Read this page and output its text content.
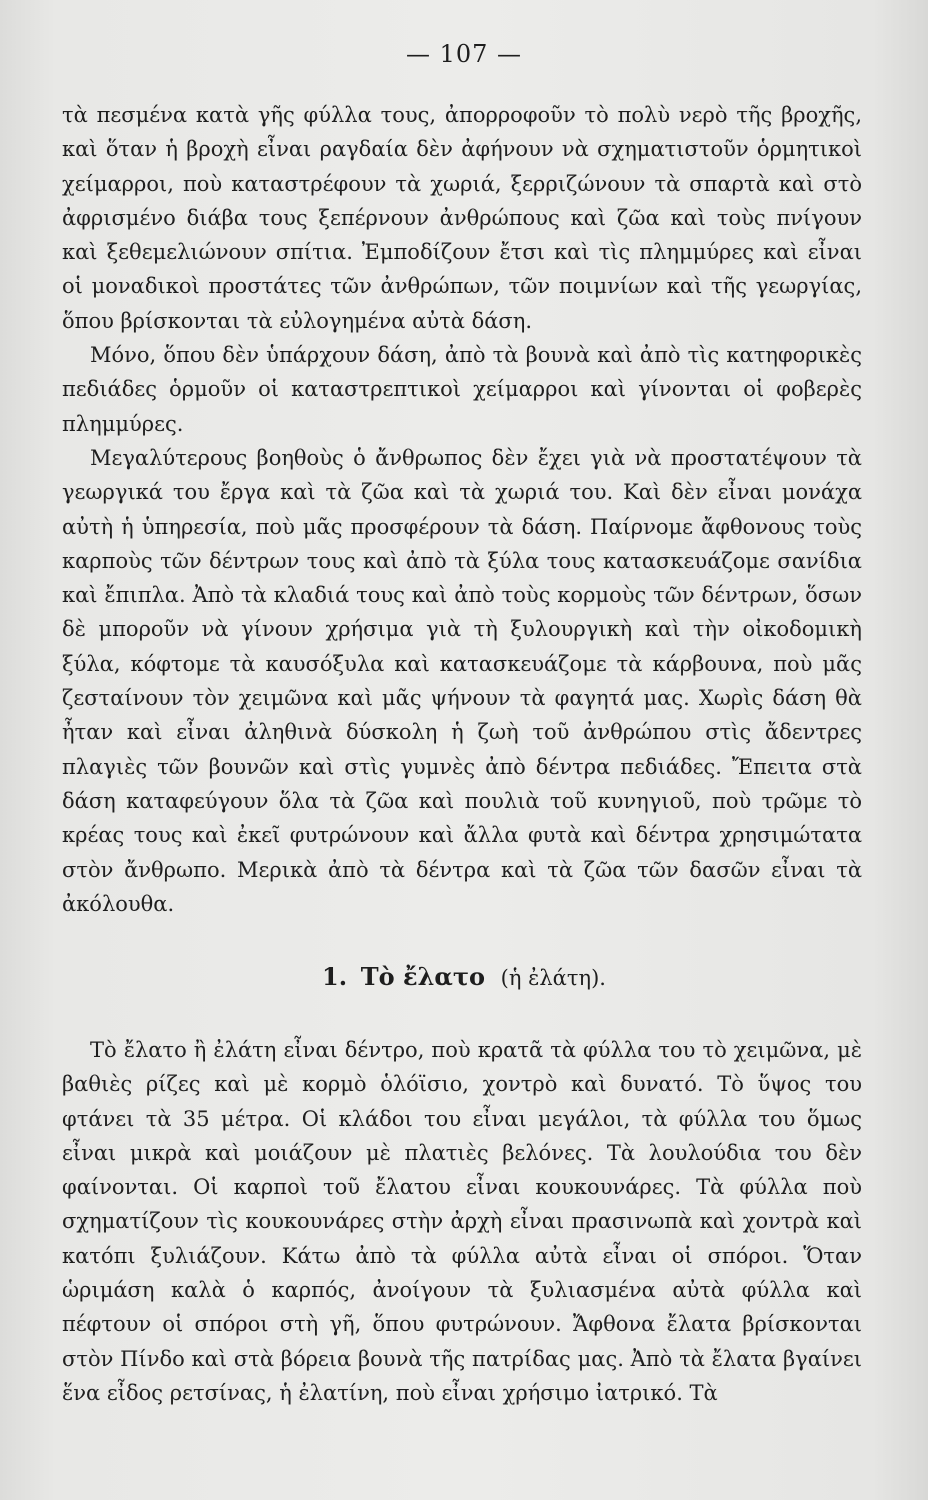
— 107 —

τὰ πεσμένα κατὰ γῆς φύλλα τους, ἀπορροφοῦν τὸ πολὺ νερὸ τῆς βροχῆς, καὶ ὅταν ἡ βροχὴ εἶναι ραγδαία δὲν ἀφήνουν νὰ σχηματιστοῦν ὁρμητικοὶ χείμαρροι, ποὺ καταστρέφουν τὰ χωριά, ξερριζώνουν τὰ σπαρτὰ καὶ στὸ ἀφρισμένο διάβα τους ξεπέρνουν ἀνθρώπους καὶ ζῶα καὶ τοὺς πνίγουν καὶ ξεθεμελιώνουν σπίτια. Ἐμποδίζουν ἔτσι καὶ τὶς πλημμύρες καὶ εἶναι οἱ μοναδικοὶ προστάτες τῶν ἀνθρώπων, τῶν ποιμνίων καὶ τῆς γεωργίας, ὅπου βρίσκονται τὰ εὐλογημένα αὐτὰ δάση.

Μόνο, ὅπου δὲν ὑπάρχουν δάση, ἀπὸ τὰ βουνὰ καὶ ἀπὸ τὶς κατηφορικὲς πεδιάδες ὁρμοῦν οἱ καταστρεπτικοὶ χείμαρροι καὶ γίνονται οἱ φοβερὲς πλημμύρες.

Μεγαλύτερους βοηθοὺς ὁ ἄνθρωπος δὲν ἔχει γιὰ νὰ προστατέψουν τὰ γεωργικά του ἔργα καὶ τὰ ζῶα καὶ τὰ χωριά του. Καὶ δὲν εἶναι μονάχα αὐτὴ ἡ ὑπηρεσία, ποὺ μᾶς προσφέρουν τὰ δάση. Παίρνομε ἄφθονους τοὺς καρποὺς τῶν δέντρων τους καὶ ἀπὸ τὰ ξύλα τους κατασκευάζομε σανίδια καὶ ἔπιπλα. Ἀπὸ τὰ κλαδιά τους καὶ ἀπὸ τοὺς κορμοὺς τῶν δέντρων, ὅσων δὲ μποροῦν νὰ γίνουν χρήσιμα γιὰ τὴ ξυλουργικὴ καὶ τὴν οἰκοδομικὴ ξύλα, κόφτομε τὰ καυσόξυλα καὶ κατασκευάζομε τὰ κάρβουνα, ποὺ μᾶς ζεσταίνουν τὸν χειμῶνα καὶ μᾶς ψήνουν τὰ φαγητά μας. Χωρὶς δάση θὰ ἦταν καὶ εἶναι ἀληθινὰ δύσκολη ἡ ζωὴ τοῦ ἀνθρώπου στὶς ἄδεντρες πλαγιὲς τῶν βουνῶν καὶ στὶς γυμνὲς ἀπὸ δέντρα πεδιάδες. Ἔπειτα στὰ δάση καταφεύγουν ὅλα τὰ ζῶα καὶ πουλιὰ τοῦ κυνηγιοῦ, ποὺ τρῶμε τὸ κρέας τους καὶ ἐκεῖ φυτρώνουν καὶ ἄλλα φυτὰ καὶ δέντρα χρησιμώτατα στὸν ἄνθρωπο. Μερικὰ ἀπὸ τὰ δέντρα καὶ τὰ ζῶα τῶν δασῶν εἶναι τὰ ἀκόλουθα.

1. Τὸ ἔλατο (ἡ ἐλάτη).

Τὸ ἔλατο ἢ ἐλάτη εἶναι δέντρο, ποὺ κρατᾶ τὰ φύλλα του τὸ χειμῶνα, μὲ βαθιὲς ρίζες καὶ μὲ κορμὸ ὁλόϊσιο, χοντρὸ καὶ δυνατό. Τὸ ὕψος του φτάνει τὰ 35 μέτρα. Οἱ κλάδοι του εἶναι μεγάλοι, τὰ φύλλα του ὅμως εἶναι μικρὰ καὶ μοιάζουν μὲ πλατιὲς βελόνες. Τὰ λουλούδια του δὲν φαίνονται. Οἱ καρποὶ τοῦ ἔλατου εἶναι κουκουνάρες. Τὰ φύλλα ποὺ σχηματίζουν τὶς κουκουνάρες στὴν ἀρχὴ εἶναι πρασινωπὰ καὶ χοντρὰ καὶ κατόπι ξυλιάζουν. Κάτω ἀπὸ τὰ φύλλα αὐτὰ εἶναι οἱ σπόροι. Ὅταν ὡριμάση καλὰ ὁ καρπός, ἀνοίγουν τὰ ξυλιασμένα αὐτὰ φύλλα καὶ πέφτουν οἱ σπόροι στὴ γῆ, ὅπου φυτρώνουν. Ἄφθονα ἔλατα βρίσκονται στὸν Πίνδο καὶ στὰ βόρεια βουνὰ τῆς πατρίδας μας. Ἀπὸ τὰ ἔλατα βγαίνει ἕνα εἶδος ρετσίνας, ἡ ἐλατίνη, ποὺ εἶναι χρήσιμο ἰατρικό. Τὰ
